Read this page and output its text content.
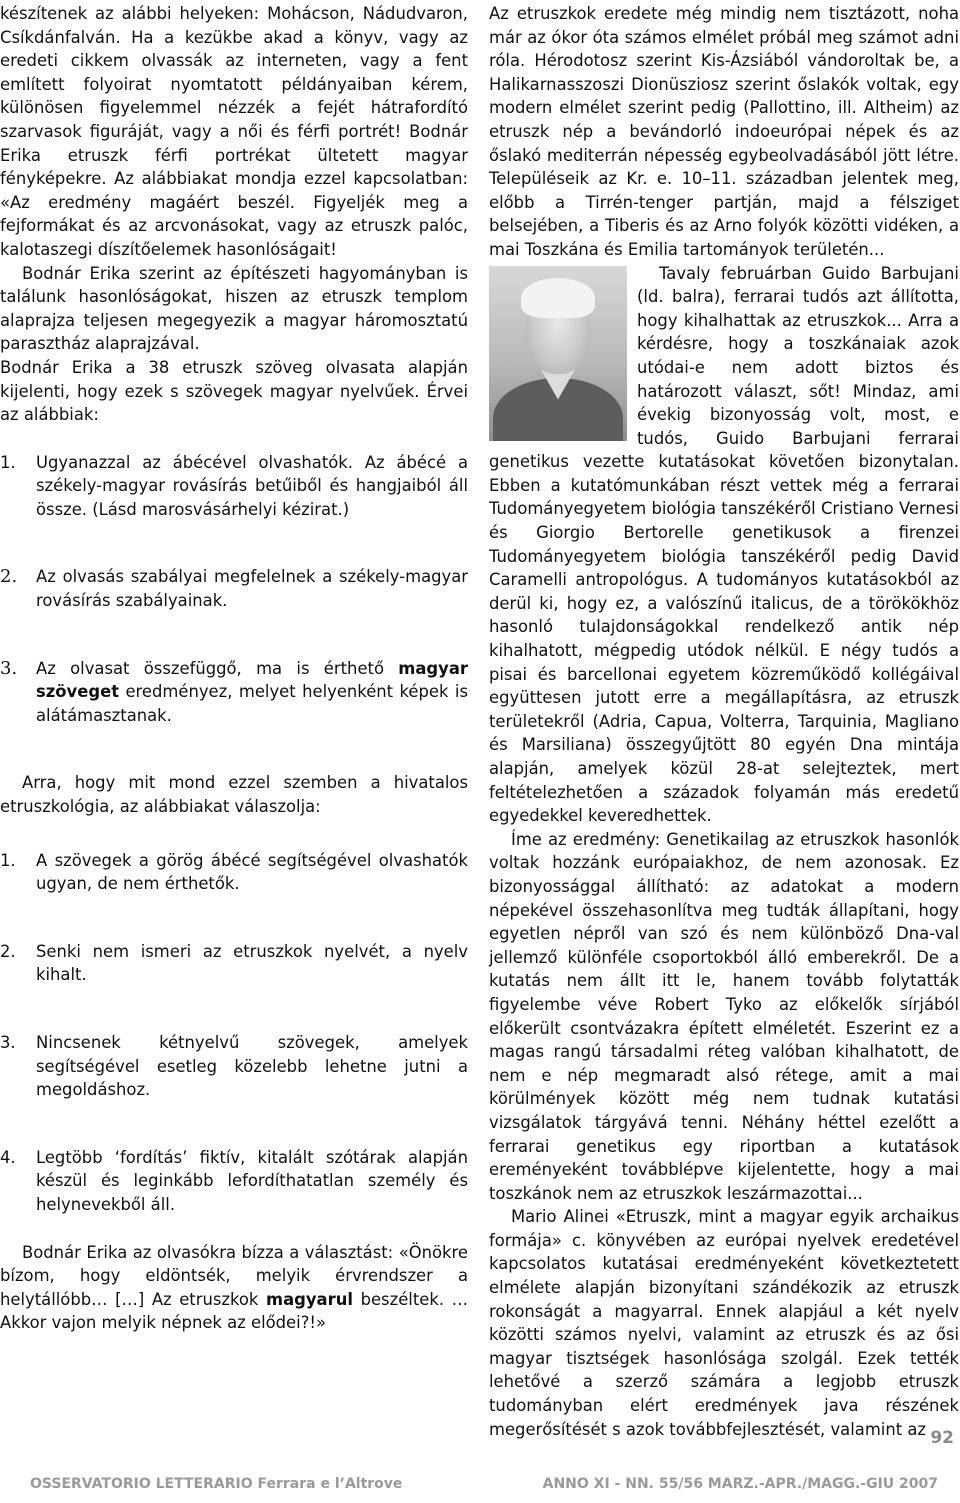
készítenek az alábbi helyeken: Mohácson, Nádudvaron, Csíkdánfalván. Ha a kezükbe akad a könyv, vagy az eredeti cikkem olvassák az interneten, vagy a fent említett folyoirat nyomtatott példányaiban kérem, különösen figyelemmel nézzék a fejét hátrafordító szarvasok figuráját, vagy a női és férfi portrét! Bodnár Erika etruszk férfi portrékat ültetett magyar fényképekre. Az alábbiakat mondja ezzel kapcsolatban: «Az eredmény magáért beszél. Figyeljék meg a fejformákat és az arcvonásokat, vagy az etruszk palóc, kalotaszegi díszítőelemek hasonlóságait!

Bodnár Erika szerint az építészeti hagyományban is találunk hasonlóságokat, hiszen az etruszk templom alaprajza teljesen megegyezik a magyar háromosztatú parasztház alaprajzával.

Bodnár Erika a 38 etruszk szöveg olvasata alapján kijelenti, hogy ezek s szövegek magyar nyelvűek. Érvei az alábbiak:

1. Ugyanazzal az ábécével olvashatók. Az ábécé a székely-magyar rovásírás betűiből és hangjaiból áll össze. (Lásd marosvásárhelyi kézirat.)
2. Az olvasás szabályai megfelelnek a székely-magyar rovásírás szabályainak.
3. Az olvasat összefüggő, ma is érthető magyar szöveget eredményez, melyet helyenként képek is alátámasztanak.

Arra, hogy mit mond ezzel szemben a hivatalos etruszkológia, az alábbiakat válaszolja:

1. A szövegek a görög ábécé segítségével olvashatók ugyan, de nem érthetők.
2. Senki nem ismeri az etruszkok nyelvét, a nyelv kihalt.
3. Nincsenek kétnyelvű szövegek, amelyek segítségével esetleg közelebb lehetne jutni a megoldáshoz.
4. Legtöbb ‘fordítás’ fiktív, kitalált szótárak alapján készül és leginkább lefordíthatatlan személy és helynevekből áll.

Bodnár Erika az olvasókra bízza a választást: «Önökre bízom, hogy eldöntsék, melyik érvrendszer a helytállóbb… […] Az etruszkok magyarul beszéltek. … Akkor vajon melyik népnek az elődei?!»

Az etruszkok eredete még mindig nem tisztázott, noha már az ókor óta számos elmélet próbál meg számot adni róla. Hérodotosz szerint Kis-Ázsiából vándoroltak be, a Halikarnasszoszi Dionüsziosz szerint őslakók voltak, egy modern elmélet szerint pedig (Pallottino, ill. Altheim) az etruszk nép a bevándorló indoeurópai népek és az őslakó mediterrán népesség egybeolvadásából jött létre. Településeik az Kr. e. 10–11. században jelentek meg, előbb a Tirrén-tenger partján, majd a félsziget belsejében, a Tiberis és az Arno folyók közötti vidéken, a mai Toszkána és Emilia tartományok területén...

Tavaly februárban Guido Barbujani (ld. balra), ferrarai tudós azt állította, hogy kihalhattak az etruszkok... Arra a kérdésre, hogy a toszkánaiak azok utódai-e nem adott biztos és határozott választ, sőt! Mindaz, ami évekig bizonyosság volt, most, e tudós, Guido Barbujani ferrarai genetikus vezette kutatásokat követően bizonytalan. Ebben a kutatómunkában részt vettek még a ferrarai Tudományegyetem biológia tanszékéről Cristiano Vernesi és Giorgio Bertorelle genetikusok a firenzei Tudományegyetem biológia tanszékéről pedig David Caramelli antropológus. A tudományos kutatásokból az derül ki, hogy ez, a valószínű italicus, de a törökökhöz hasonló tulajdonságokkal rendelkező antik nép kihalhatott, mégpedig utódok nélkül. E négy tudós a pisai és barcellonai egyetem közreműködő kollégáival együttesen jutott erre a megállapításra, az etruszk területekről (Adria, Capua, Volterra, Tarquinia, Magliano és Marsiliana) összegyűjtött 80 egyén Dna mintája alapján, amelyek közül 28-at selejteztek, mert feltételezhetően a századok folyamán más eredetű egyedekkel keveredhettek.

Íme az eredmény: Genetikailag az etruszkok hasonlók voltak hozzánk európaiakhoz, de nem azonosak. Ez bizonyossággal állítható: az adatokat a modern népekével összehasonlítva meg tudták állapítani, hogy egyetlen népről van szó és nem különböző Dna-val jellemző különféle csoportokból álló emberekről. De a kutatás nem állt itt le, hanem tovább folytatták figyelembe véve Robert Tyko az előkelők sírjából előkerült csontvázakra épített elméletét. Eszerint ez a magas rangú társadalmi réteg valóban kihalhatott, de nem e nép megmaradt alsó rétege, amit a mai körülmények között még nem tudnak kutatási vizsgálatok tárgyává tenni. Néhány héttel ezelőtt a ferrarai genetikus egy riportban a kutatások ereményeként továbblépve kijelentette, hogy a mai toszkánok nem az etruszkok leszármazottai...

Mario Alinei «Etruszk, mint a magyar egyik archaikus formája» c. könyvében az európai nyelvek eredetével kapcsolatos kutatásai eredményeként következtetett elmélete alapján bizonyítani szándékozik az etruszk rokonságát a magyarral. Ennek alapjául a két nyelv közötti számos nyelvi, valamint az etruszk és az ősi magyar tisztségek hasonlósága szolgál. Ezek tették lehetővé a szerző számára a legjobb etruszk tudományban elért eredmények java részének megerősítését s azok továbbfejlesztését, valamint az 92
OSSERVATORIO LETTERARIO Ferrara e l’Altrove	ANNO XI - NN. 55/56 MARZ.-APR./MAGG.-GIU 2007
